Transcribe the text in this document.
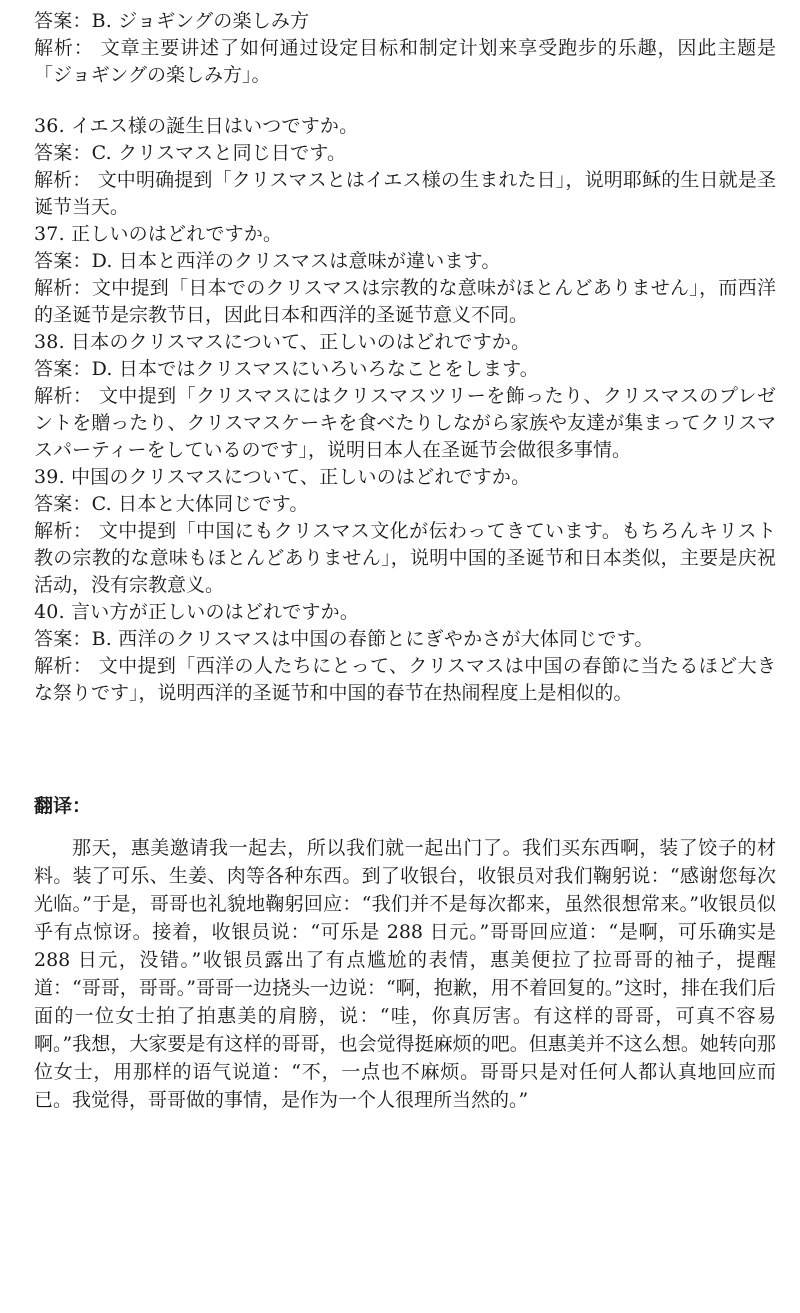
答案：B. ジョギングの楽しみ方
解析： 文章主要讲述了如何通过设定目标和制定计划来享受跑步的乐趣，因此主题是「ジョギングの楽しみ方」。
36. イエス様の誕生日はいつですか。
答案：C. クリスマスと同じ日です。
解析： 文中明确提到「クリスマスとはイエス様の生まれた日」，说明耶稣的生日就是圣诞节当天。
37. 正しいのはどれですか。
答案：D. 日本と西洋のクリスマスは意味が違います。
解析：文中提到「日本でのクリスマスは宗教的な意味がほとんどありません」，而西洋的圣诞节是宗教节日，因此日本和西洋的圣诞节意义不同。
38. 日本のクリスマスについて、正しいのはどれですか。
答案：D. 日本ではクリスマスにいろいろなことをします。
解析： 文中提到「クリスマスにはクリスマスツリーを飾ったり、クリスマスのプレゼントを贈ったり、クリスマスケーキを食べたりしながら家族や友達が集まってクリスマスパーティーをしているのです」，说明日本人在圣诞节会做很多事情。
39. 中国のクリスマスについて、正しいのはどれですか。
答案：C. 日本と大体同じです。
解析： 文中提到「中国にもクリスマス文化が伝わってきています。もちろんキリスト教の宗教的な意味もほとんどありません」，说明中国的圣诞节和日本类似，主要是庆祝活动，没有宗教意义。
40. 言い方が正しいのはどれですか。
答案：B. 西洋のクリスマスは中国の春節とにぎやかさが大体同じです。
解析： 文中提到「西洋の人たちにとって、クリスマスは中国の春節に当たるほど大きな祭りです」，说明西洋的圣诞节和中国的春节在热闹程度上是相似的。
翻译：
那天，惠美邀请我一起去，所以我们就一起出门了。我们买东西啊，装了饺子的材料。装了可乐、生姜、肉等各种东西。到了收银台，收银员对我们鞠躬说：“感谢您每次光临。”于是，哥哥也礼貌地鞠躬回应：“我们并不是每次都来，虽然很想常来。”收银员似乎有点惊讶。接着，收银员说：“可乐是 288 日元。”哥哥回应道：“是啊，可乐确实是 288 日元，没错。”收银员露出了有点尴尬的表情，惠美便拉了拉哥哥的袖子，提醒道：“哥哥，哥哥。”哥哥一边挠头一边说：“啊，抱歉，用不着回复的。”这时，排在我们后面的一位女士拍了拍惠美的肩膀，说：“哇，你真厉害。有这样的哥哥，可真不容易啊。”我想，大家要是有这样的哥哥，也会觉得挺麻烦的吧。但惠美并不这么想。她转向那位女士，用那样的语气说道：“不，一点也不麻烦。哥哥只是对任何人都认真地回应而已。我觉得，哥哥做的事情，是作为一个人很理所当然的。”
